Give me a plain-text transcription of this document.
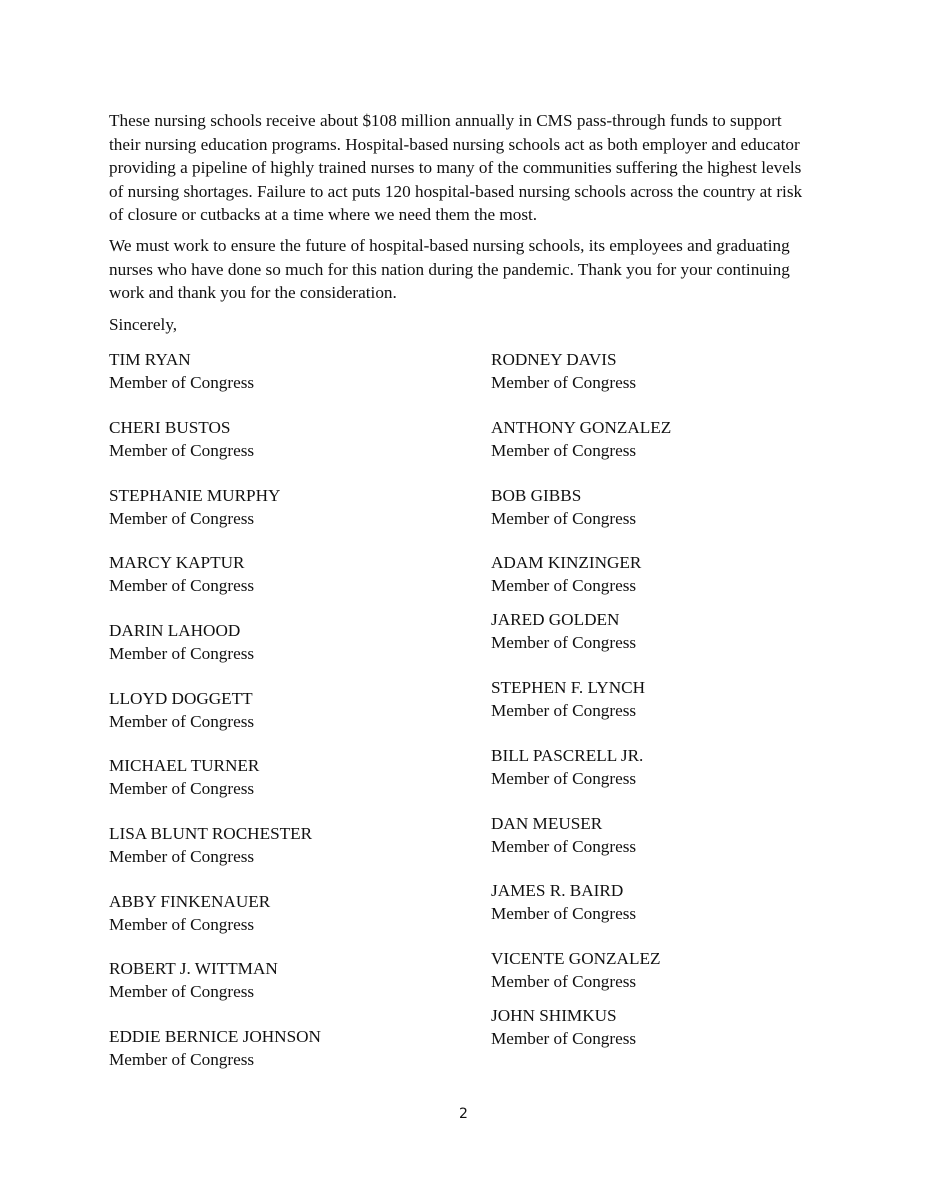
These nursing schools receive about $108 million annually in CMS pass-through funds to support their nursing education programs. Hospital-based nursing schools act as both employer and educator providing a pipeline of highly trained nurses to many of the communities suffering the highest levels of nursing shortages. Failure to act puts 120 hospital-based nursing schools across the country at risk of closure or cutbacks at a time where we need them the most.

We must work to ensure the future of hospital-based nursing schools, its employees and graduating nurses who have done so much for this nation during the pandemic. Thank you for your continuing work and thank you for the consideration.

Sincerely,

TIM RYAN
Member of Congress
CHERI BUSTOS
Member of Congress
STEPHANIE MURPHY
Member of Congress
MARCY KAPTUR
Member of Congress
DARIN LAHOOD
Member of Congress
LLOYD DOGGETT
Member of Congress
MICHAEL TURNER
Member of Congress
LISA BLUNT ROCHESTER
Member of Congress
ABBY FINKENAUER
Member of Congress
ROBERT J. WITTMAN
Member of Congress
EDDIE BERNICE JOHNSON
Member of Congress
RODNEY DAVIS
Member of Congress
ANTHONY GONZALEZ
Member of Congress
BOB GIBBS
Member of Congress
ADAM KINZINGER
Member of Congress
JARED GOLDEN
Member of Congress
STEPHEN F. LYNCH
Member of Congress
BILL PASCRELL JR.
Member of Congress
DAN MEUSER
Member of Congress
JAMES R. BAIRD
Member of Congress
VICENTE GONZALEZ
Member of Congress
JOHN SHIMKUS
Member of Congress
2
